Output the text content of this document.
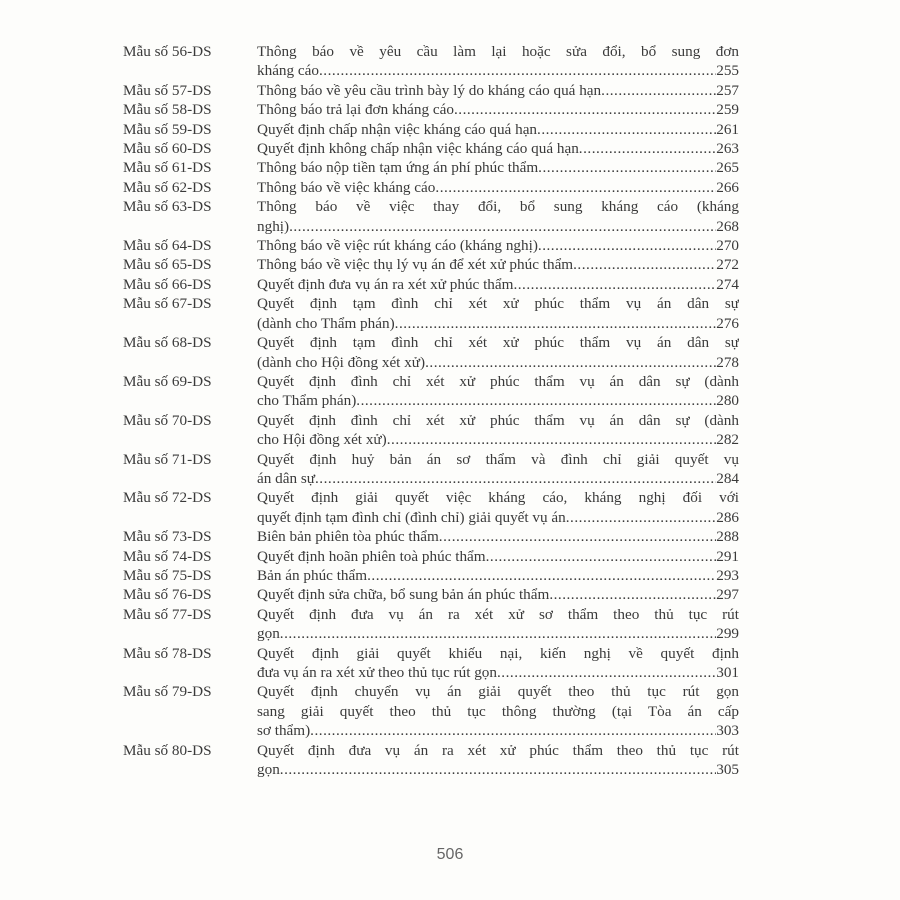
Mẫu số 56-DS	Thông báo về yêu cầu làm lại hoặc sửa đổi, bổ sung đơn
kháng cáo .....	255
Mẫu số 57-DS	Thông báo về yêu cầu trình bày lý do kháng cáo quá hạn .....	257
Mẫu số 58-DS	Thông báo trả lại đơn kháng cáo .....	259
Mẫu số 59-DS	Quyết định chấp nhận việc kháng cáo quá hạn .....	261
Mẫu số 60-DS	Quyết định không chấp nhận việc kháng cáo quá hạn .....	263
Mẫu số 61-DS	Thông báo nộp tiền tạm ứng án phí phúc thẩm .....	265
Mẫu số 62-DS	Thông báo về việc kháng cáo .....	266
Mẫu số 63-DS	Thông báo về việc thay đổi, bổ sung kháng cáo (kháng
nghị) .....	268
Mẫu số 64-DS	Thông báo về việc rút kháng cáo (kháng nghị) .....	270
Mẫu số 65-DS	Thông báo về việc thụ lý vụ án để xét xử phúc thẩm .....	272
Mẫu số 66-DS	Quyết định đưa vụ án ra xét xử phúc thẩm .....	274
Mẫu số 67-DS	Quyết định tạm đình chỉ xét xử phúc thẩm vụ án dân sự
(dành cho Thẩm phán) .....	276
Mẫu số 68-DS	Quyết định tạm đình chỉ xét xử phúc thẩm vụ án dân sự
(dành cho Hội đồng xét xử) .....	278
Mẫu số 69-DS	Quyết định đình chỉ xét xử phúc thẩm vụ án dân sự (dành
cho Thẩm phán) .....	280
Mẫu số 70-DS	Quyết định đình chỉ xét xử phúc thẩm vụ án dân sự (dành
cho Hội đồng xét xử) .....	282
Mẫu số 71-DS	Quyết định huỷ bản án sơ thẩm và đình chỉ giải quyết vụ
án dân sự .....	284
Mẫu số 72-DS	Quyết định giải quyết việc kháng cáo, kháng nghị đối với
quyết định tạm đình chỉ (đình chỉ) giải quyết vụ án .....	286
Mẫu số 73-DS	Biên bản phiên tòa phúc thẩm .....	288
Mẫu số 74-DS	Quyết định hoãn phiên toà phúc thẩm .....	291
Mẫu số 75-DS	Bản án phúc thẩm .....	293
Mẫu số 76-DS	Quyết định sửa chữa, bổ sung bản án phúc thẩm .....	297
Mẫu số 77-DS	Quyết định đưa vụ án ra xét xử sơ thẩm theo thủ tục rút
gọn .....	299
Mẫu số 78-DS	Quyết định giải quyết khiếu nại, kiến nghị về quyết định
đưa vụ án ra xét xử theo thủ tục rút gọn .....	301
Mẫu số 79-DS	Quyết định chuyển vụ án giải quyết theo thủ tục rút gọn
sang giải quyết theo thủ tục thông thường (tại Tòa án cấp
sơ thẩm) .....	303
Mẫu số 80-DS	Quyết định đưa vụ án ra xét xử phúc thẩm theo thủ tục rút
gọn .....	305
506
